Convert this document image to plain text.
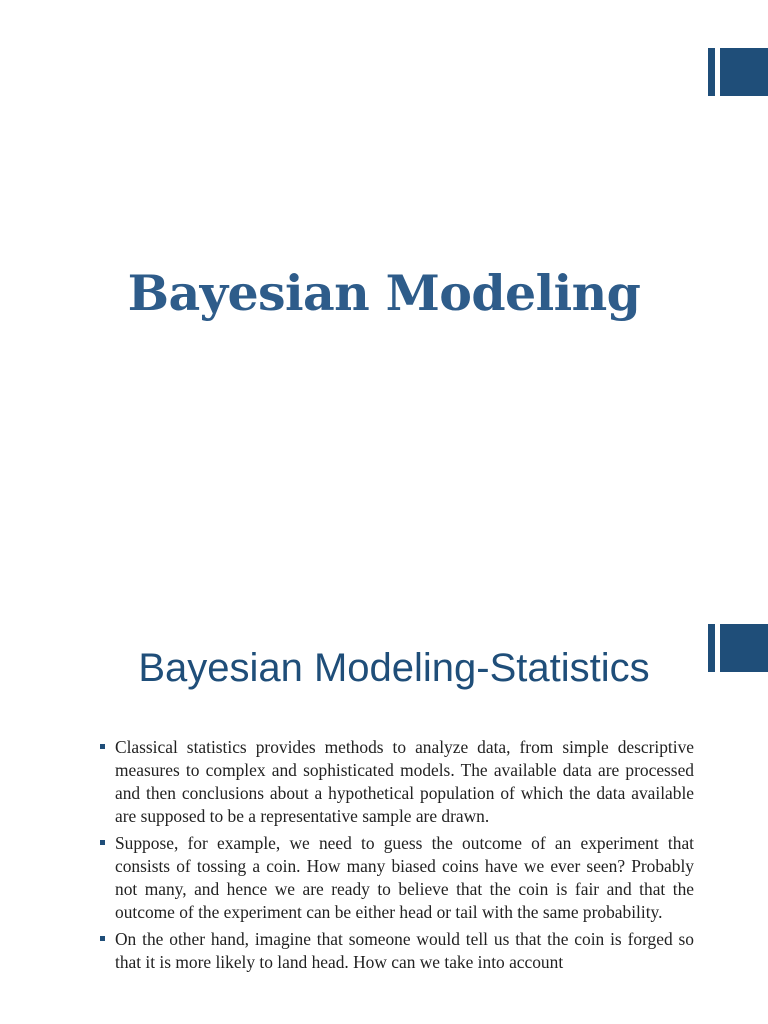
Bayesian Modeling
Bayesian Modeling-Statistics
Classical statistics provides methods to analyze data, from simple descriptive measures to complex and sophisticated models. The available data are processed and then conclusions about a hypothetical population of which the data available are supposed to be a representative sample are drawn.
Suppose, for example, we need to guess the outcome of an experiment that consists of tossing a coin. How many biased coins have we ever seen? Probably not many, and hence we are ready to believe that the coin is fair and that the outcome of the experiment can be either head or tail with the same probability.
On the other hand, imagine that someone would tell us that the coin is forged so that it is more likely to land head. How can we take into account
